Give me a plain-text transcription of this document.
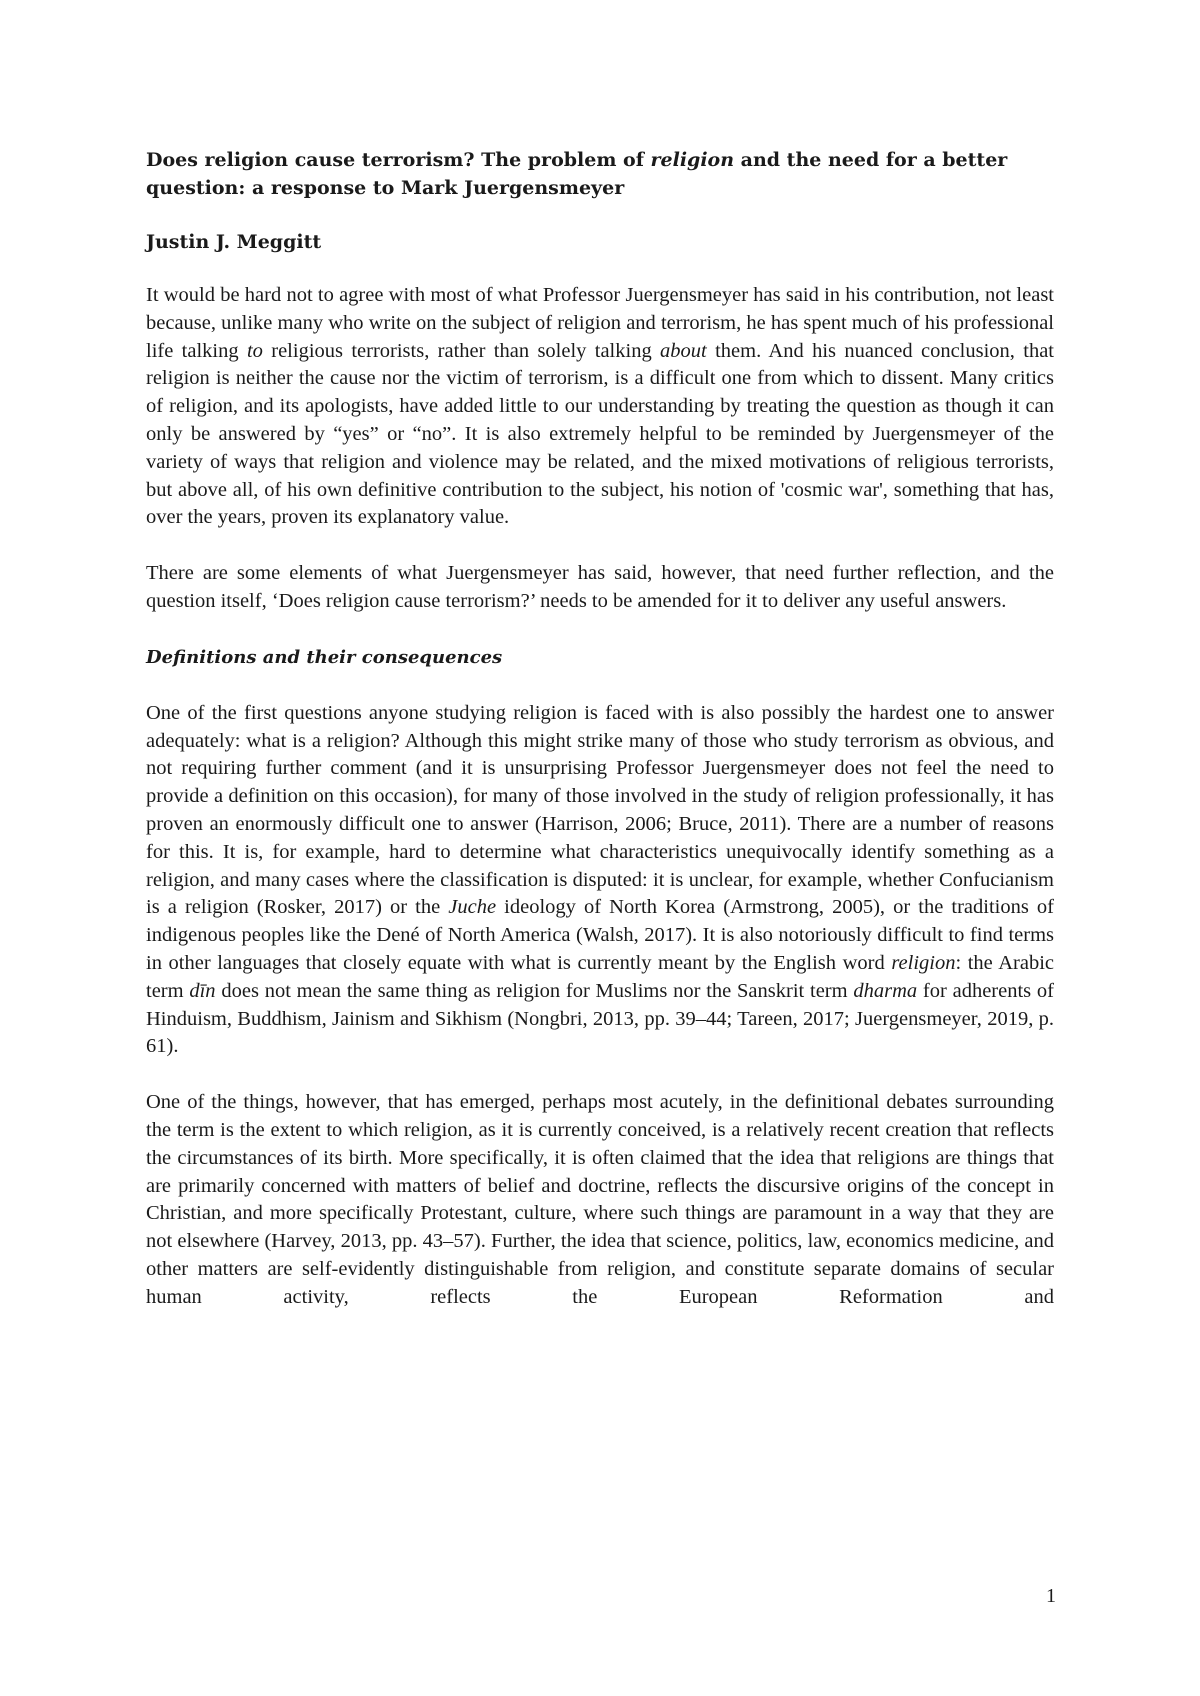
Does religion cause terrorism? The problem of religion and the need for a better question: a response to Mark Juergensmeyer
Justin J. Meggitt

It would be hard not to agree with most of what Professor Juergensmeyer has said in his contribution, not least because, unlike many who write on the subject of religion and terrorism, he has spent much of his professional life talking to religious terrorists, rather than solely talking about them. And his nuanced conclusion, that religion is neither the cause nor the victim of terrorism, is a difficult one from which to dissent. Many critics of religion, and its apologists, have added little to our understanding by treating the question as though it can only be answered by “yes” or “no”. It is also extremely helpful to be reminded by Juergensmeyer of the variety of ways that religion and violence may be related, and the mixed motivations of religious terrorists, but above all, of his own definitive contribution to the subject, his notion of 'cosmic war', something that has, over the years, proven its explanatory value.

There are some elements of what Juergensmeyer has said, however, that need further reflection, and the question itself, ‘Does religion cause terrorism?’ needs to be amended for it to deliver any useful answers.

Definitions and their consequences

One of the first questions anyone studying religion is faced with is also possibly the hardest one to answer adequately: what is a religion? Although this might strike many of those who study terrorism as obvious, and not requiring further comment (and it is unsurprising Professor Juergensmeyer does not feel the need to provide a definition on this occasion), for many of those involved in the study of religion professionally, it has proven an enormously difficult one to answer (Harrison, 2006; Bruce, 2011). There are a number of reasons for this. It is, for example, hard to determine what characteristics unequivocally identify something as a religion, and many cases where the classification is disputed: it is unclear, for example, whether Confucianism is a religion (Rosker, 2017) or the Juche ideology of North Korea (Armstrong, 2005), or the traditions of indigenous peoples like the Dené of North America (Walsh, 2017). It is also notoriously difficult to find terms in other languages that closely equate with what is currently meant by the English word religion: the Arabic term dīn does not mean the same thing as religion for Muslims nor the Sanskrit term dharma for adherents of Hinduism, Buddhism, Jainism and Sikhism (Nongbri, 2013, pp. 39–44; Tareen, 2017; Juergensmeyer, 2019, p. 61).

One of the things, however, that has emerged, perhaps most acutely, in the definitional debates surrounding the term is the extent to which religion, as it is currently conceived, is a relatively recent creation that reflects the circumstances of its birth. More specifically, it is often claimed that the idea that religions are things that are primarily concerned with matters of belief and doctrine, reflects the discursive origins of the concept in Christian, and more specifically Protestant, culture, where such things are paramount in a way that they are not elsewhere (Harvey, 2013, pp. 43–57). Further, the idea that science, politics, law, economics medicine, and other matters are self-evidently distinguishable from religion, and constitute separate domains of secular human activity, reflects the European Reformation and

1
